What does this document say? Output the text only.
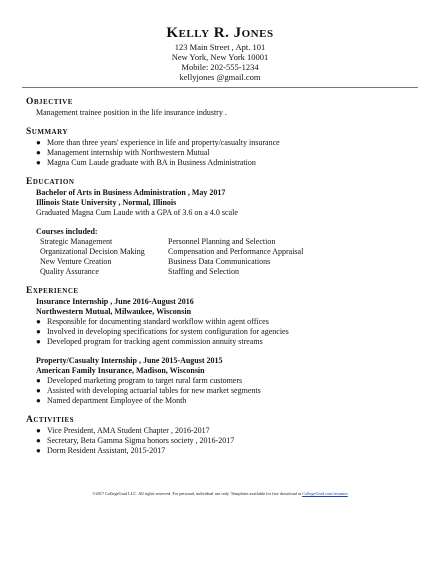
Kelly R. Jones
123 Main Street , Apt. 101
New York, New York 10001
Mobile: 202-555-1234
kellyjones @gmail.com
Objective
Management trainee position in the life insurance industry .
Summary
● More than three years' experience in life and property/casualty insurance
● Management internship with Northwestern Mutual
● Magna Cum Laude graduate with BA in Business Administration
Education
Bachelor of Arts in Business Administration , May 2017
Illinois State University , Normal, Illinois
Graduated Magna Cum Laude with a GPA of 3.6 on a 4.0 scale
Courses included:
Strategic Management	Personnel Planning and Selection
Organizational Decision Making	Compensation and Performance Appraisal
New Venture Creation	Business Data Communications
Quality Assurance	Staffing and Selection
Experience
Insurance Internship , June 2016-August 2016
Northwestern Mutual, Milwaukee, Wisconsin
● Responsible for documenting standard workflow within agent offices
● Involved in developing specifications for system configuration for agencies
● Developed program for tracking agent commission annuity streams
Property/Casualty Internship , June 2015-August 2015
American Family Insurance, Madison, Wisconsin
● Developed marketing program to target rural farm customers
● Assisted with developing actuarial tables for new market segments
● Named department Employee of the Month
Activities
● Vice President, AMA Student Chapter , 2016-2017
● Secretary, Beta Gamma Sigma honors society , 2016-2017
● Dorm Resident Assistant, 2015-2017
©2017 CollegeGrad LLC. All rights reserved. For personal, individual use only. Templates available for free download at CollegeGrad.com/resumes
